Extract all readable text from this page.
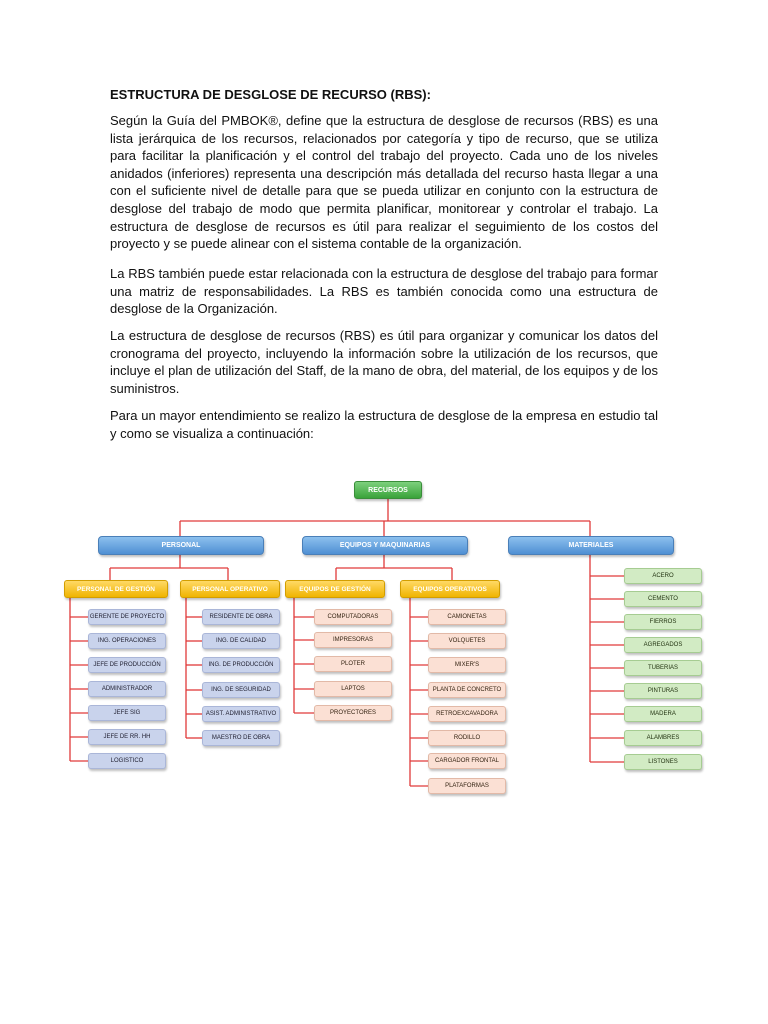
ESTRUCTURA DE DESGLOSE DE RECURSO (RBS):

Según la Guía del PMBOK®, define que la estructura de desglose de recursos (RBS) es una lista jerárquica de los recursos, relacionados por categoría y tipo de recurso, que se utiliza para facilitar la planificación y el control del trabajo del proyecto. Cada uno de los niveles anidados (inferiores) representa una descripción más detallada del recurso hasta llegar a una con el suficiente nivel de detalle para que se pueda utilizar en conjunto con la estructura de desglose del trabajo de modo que permita planificar, monitorear y controlar el trabajo. La estructura de desglose de recursos es útil para realizar el seguimiento de los costos del proyecto y se puede alinear con el sistema contable de la organización.

La RBS también puede estar relacionada con la estructura de desglose del trabajo para formar una matriz de responsabilidades. La RBS es también conocida como una estructura de desglose de la Organización.

La estructura de desglose de recursos (RBS) es útil para organizar y comunicar los datos del cronograma del proyecto, incluyendo la información sobre la utilización de los recursos, que incluye el plan de utilización del Staff, de la mano de obra, del material, de los equipos y de los suministros.

Para un mayor entendimiento se realizo la estructura de desglose de la empresa en estudio tal y como se visualiza a continuación:

RECURSOS
PERSONAL	EQUIPOS Y MAQUINARIAS	MATERIALES
PERSONAL DE GESTIÓN	PERSONAL OPERATIVO	EQUIPOS DE GESTIÓN	EQUIPOS OPERATIVOS
GERENTE DE PROYECTO
ING. OPERACIONES
JEFE DE PRODUCCIÓN
ADMINISTRADOR
JEFE SIG
JEFE DE RR. HH
LOGISTICO
RESIDENTE DE OBRA
ING. DE CALIDAD
ING. DE PRODUCCIÓN
ING. DE SEGURIDAD
ASIST. ADMINISTRATIVO
MAESTRO DE OBRA
COMPUTADORAS
IMPRESORAS
PLOTER
LAPTOS
PROYECTORES
CAMIONETAS
VOLQUETES
MIXER'S
PLANTA DE CONCRETO
RETROEXCAVADORA
RODILLO
CARGADOR FRONTAL
PLATAFORMAS
ACERO
CEMENTO
FIERROS
AGREGADOS
TUBERIAS
PINTURAS
MADERA
ALAMBRES
LISTONES
